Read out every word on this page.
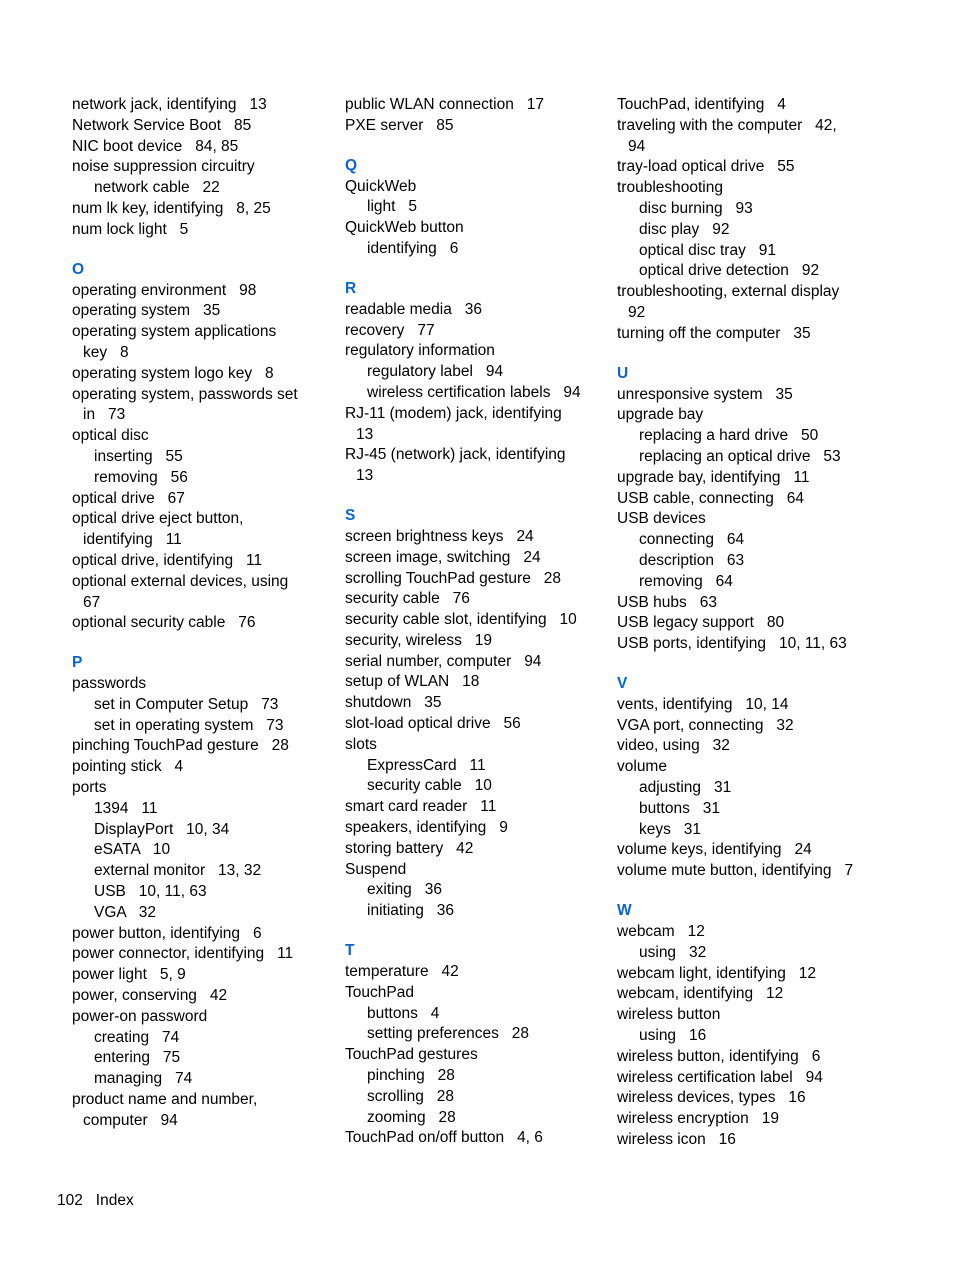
network jack, identifying   13
Network Service Boot   85
NIC boot device   84, 85
noise suppression circuitry
network cable   22
num lk key, identifying   8, 25
num lock light   5
O
operating environment   98
operating system   35
operating system applications
key   8
operating system logo key   8
operating system, passwords set
in   73
optical disc
inserting   55
removing   56
optical drive   67
optical drive eject button,
identifying   11
optical drive, identifying   11
optional external devices, using
67
optional security cable   76
P
passwords
set in Computer Setup   73
set in operating system   73
pinching TouchPad gesture   28
pointing stick   4
ports
1394   11
DisplayPort   10, 34
eSATA   10
external monitor   13, 32
USB   10, 11, 63
VGA   32
power button, identifying   6
power connector, identifying   11
power light   5, 9
power, conserving   42
power-on password
creating   74
entering   75
managing   74
product name and number,
computer   94
public WLAN connection   17
PXE server   85
Q
QuickWeb
light   5
QuickWeb button
identifying   6
R
readable media   36
recovery   77
regulatory information
regulatory label   94
wireless certification labels   94
RJ-11 (modem) jack, identifying
13
RJ-45 (network) jack, identifying
13
S
screen brightness keys   24
screen image, switching   24
scrolling TouchPad gesture   28
security cable   76
security cable slot, identifying   10
security, wireless   19
serial number, computer   94
setup of WLAN   18
shutdown   35
slot-load optical drive   56
slots
ExpressCard   11
security cable   10
smart card reader   11
speakers, identifying   9
storing battery   42
Suspend
exiting   36
initiating   36
T
temperature   42
TouchPad
buttons   4
setting preferences   28
TouchPad gestures
pinching   28
scrolling   28
zooming   28
TouchPad on/off button   4, 6
TouchPad, identifying   4
traveling with the computer   42,
94
tray-load optical drive   55
troubleshooting
disc burning   93
disc play   92
optical disc tray   91
optical drive detection   92
troubleshooting, external display
92
turning off the computer   35
U
unresponsive system   35
upgrade bay
replacing a hard drive   50
replacing an optical drive   53
upgrade bay, identifying   11
USB cable, connecting   64
USB devices
connecting   64
description   63
removing   64
USB hubs   63
USB legacy support   80
USB ports, identifying   10, 11, 63
V
vents, identifying   10, 14
VGA port, connecting   32
video, using   32
volume
adjusting   31
buttons   31
keys   31
volume keys, identifying   24
volume mute button, identifying   7
W
webcam   12
using   32
webcam light, identifying   12
webcam, identifying   12
wireless button
using   16
wireless button, identifying   6
wireless certification label   94
wireless devices, types   16
wireless encryption   19
wireless icon   16
102 Index
